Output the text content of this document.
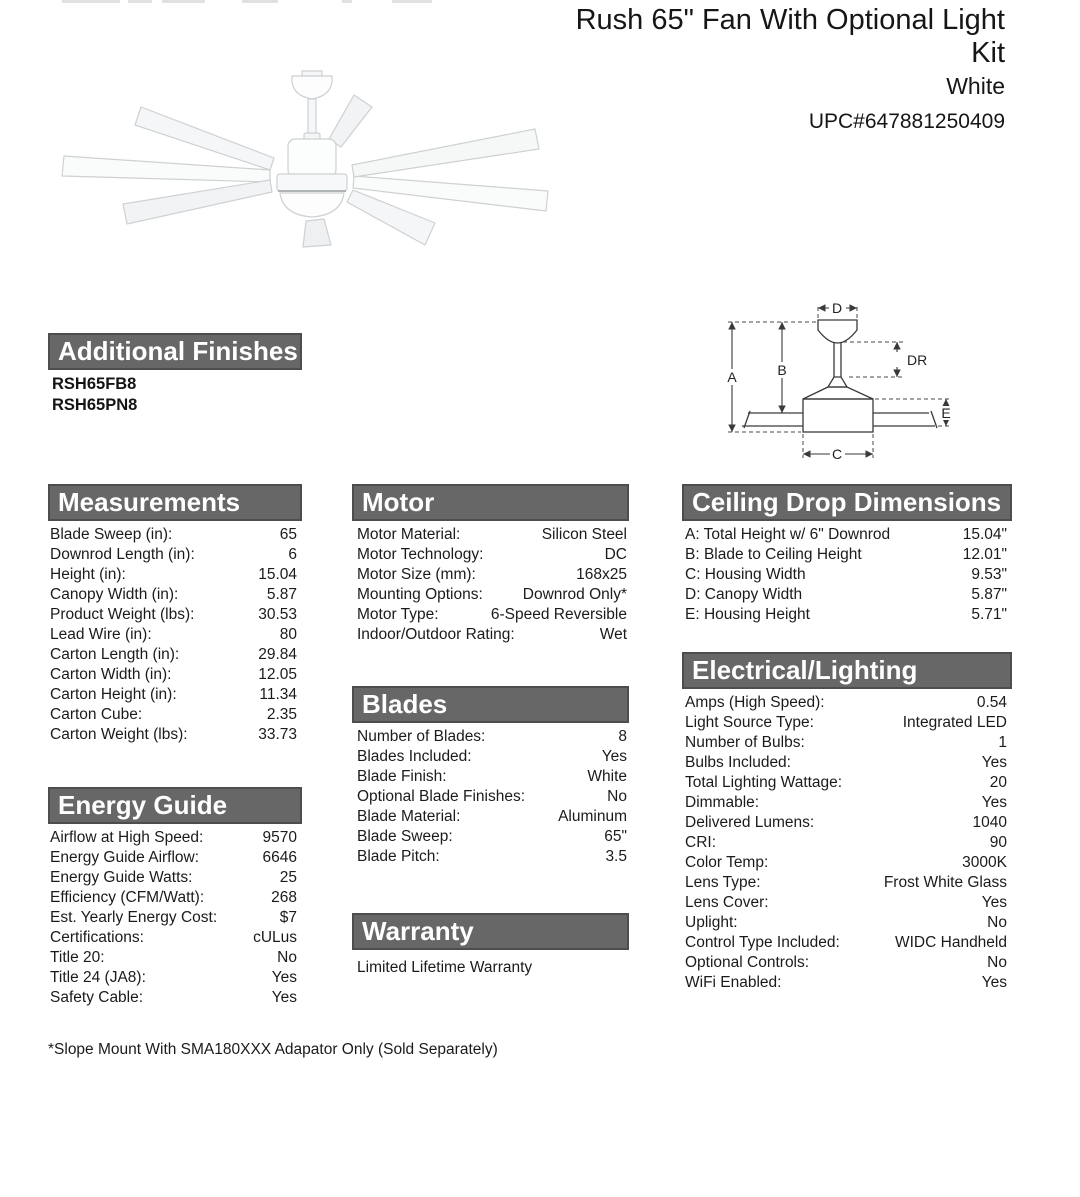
Rush 65" Fan With Optional Light Kit
White
UPC#647881250409
D
A	B
DR
E
C
Additional Finishes
RSH65FB8
RSH65PN8
Measurements
Blade Sweep (in):	65
Downrod Length (in):	6
Height (in):	15.04
Canopy Width (in):	5.87
Product Weight (lbs):	30.53
Lead Wire (in):	80
Carton Length (in):	29.84
Carton Width (in):	12.05
Carton Height (in):	11.34
Carton Cube:	2.35
Carton Weight (lbs):	33.73
Energy Guide
Airflow at High Speed:	9570
Energy Guide Airflow:	6646
Energy Guide Watts:	25
Efficiency (CFM/Watt):	268
Est. Yearly Energy Cost:	$7
Certifications:	cULus
Title 20:	No
Title 24 (JA8):	Yes
Safety Cable:	Yes
Motor
Motor Material:	Silicon Steel
Motor Technology:	DC
Motor Size (mm):	168x25
Mounting Options:	Downrod Only*
Motor Type:	6-Speed Reversible
Indoor/Outdoor Rating:	Wet
Blades
Number of Blades:	8
Blades Included:	Yes
Blade Finish:	White
Optional Blade Finishes:	No
Blade Material:	Aluminum
Blade Sweep:	65"
Blade Pitch:	3.5
Warranty
Limited Lifetime Warranty
Ceiling Drop Dimensions
A: Total Height w/ 6" Downrod	15.04"
B: Blade to Ceiling Height	12.01"
C: Housing Width	9.53"
D: Canopy Width	5.87"
E: Housing Height	5.71"
Electrical/Lighting
Amps (High Speed):	0.54
Light Source Type:	Integrated LED
Number of Bulbs:	1
Bulbs Included:	Yes
Total Lighting Wattage:	20
Dimmable:	Yes
Delivered Lumens:	1040
CRI:	90
Color Temp:	3000K
Lens Type:	Frost White Glass
Lens Cover:	Yes
Uplight:	No
Control Type Included:	WIDC Handheld
Optional Controls:	No
WiFi Enabled:	Yes
*Slope Mount With SMA180XXX Adapator Only (Sold Separately)
